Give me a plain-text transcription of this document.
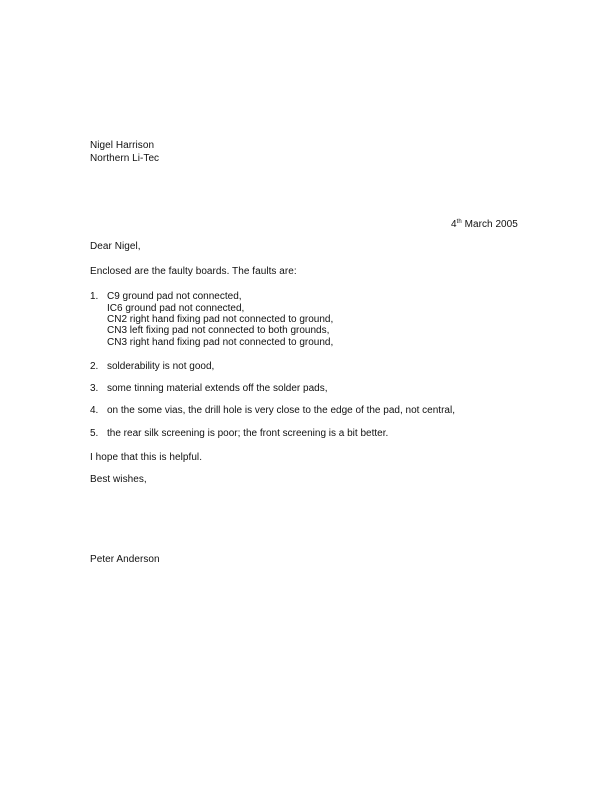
Nigel Harrison
Northern Li-Tec
4th March 2005
Dear Nigel,
Enclosed are the faulty boards. The faults are:
1. C9 ground pad not connected,
IC6 ground pad not connected,
CN2 right hand fixing pad not connected to ground,
CN3 left fixing pad not connected to both grounds,
CN3 right hand fixing pad not connected to ground,
2. solderability is not good,
3. some tinning material extends off the solder pads,
4. on the some vias, the drill hole is very close to the edge of the pad, not central,
5. the rear silk screening is poor; the front screening is a bit better.
I hope that this is helpful.
Best wishes,
Peter Anderson
